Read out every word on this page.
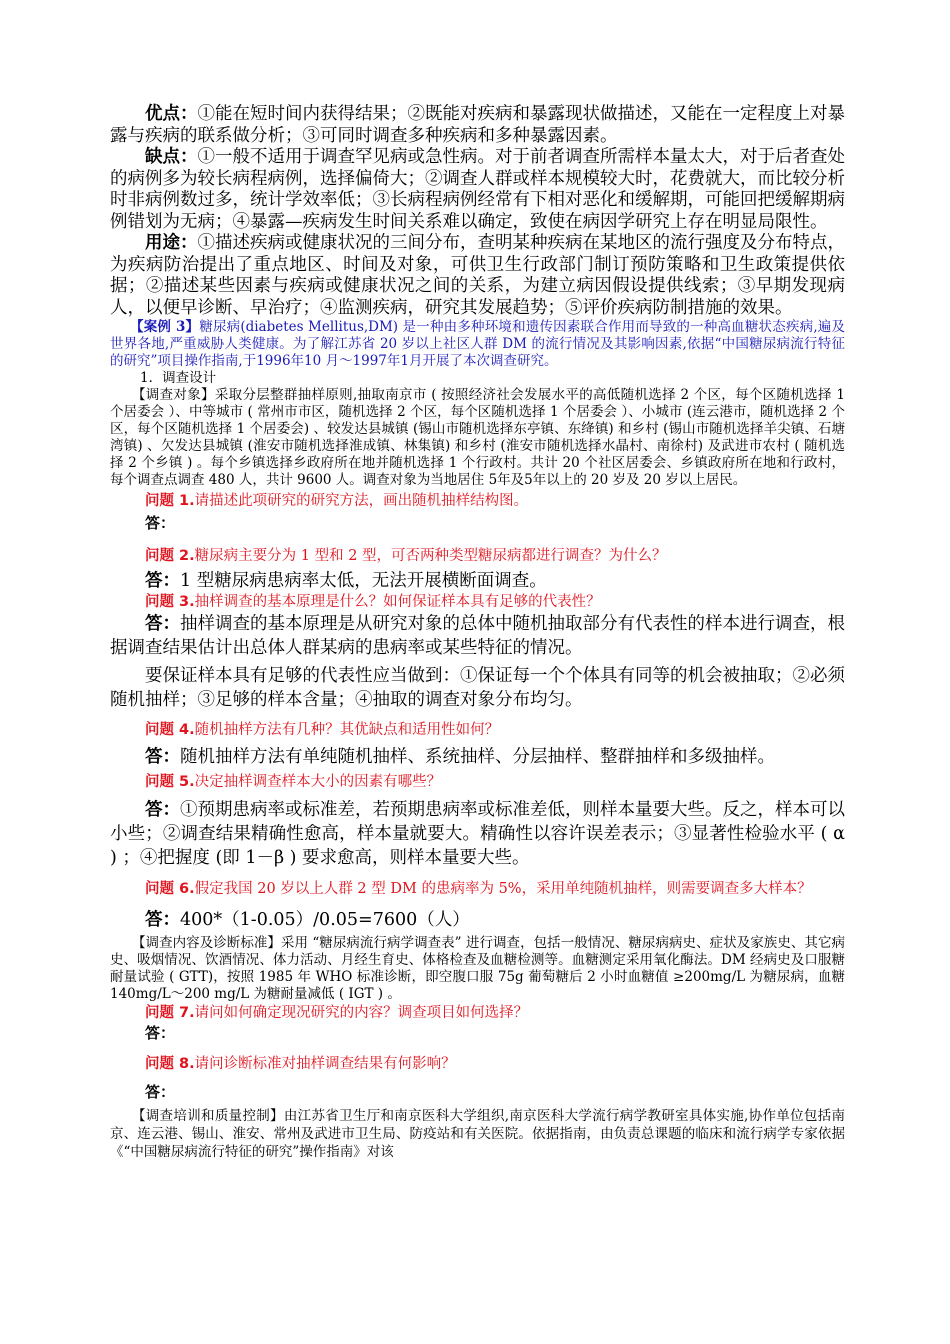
优点：①能在短时间内获得结果；②既能对疾病和暴露现状做描述，又能在一定程度上对暴露与疾病的联系做分析；③可同时调查多种疾病和多种暴露因素。

缺点：①一般不适用于调查罕见病或急性病。对于前者调查所需样本量太大，对于后者查处的病例多为较长病程病例，选择偏倚大；②调查人群或样本规模较大时，花费就大，而比较分析时非病例数过多，统计学效率低；③长病程病例经常有下相对恶化和缓解期，可能回把缓解期病例错划为无病；④暴露—疾病发生时间关系难以确定，致使在病因学研究上存在明显局限性。

用途：①描述疾病或健康状况的三间分布，查明某种疾病在某地区的流行强度及分布特点，为疾病防治提出了重点地区、时间及对象，可供卫生行政部门制订预防策略和卫生政策提供依据；②描述某些因素与疾病或健康状况之间的关系，为建立病因假设提供线索；③早期发现病人，以便早诊断、早治疗；④监测疾病，研究其发展趋势；⑤评价疾病防制措施的效果。

【案例 3】糖尿病(diabetes Mellitus,DM) 是一种由多种环境和遗传因素联合作用而导致的一种高血糖状态疾病,遍及世界各地,严重威胁人类健康。为了解江苏省 20 岁以上社区人群 DM 的流行情况及其影响因素,依据“中国糖尿病流行特征的研究”项目操作指南,于1996年10 月～1997年1月开展了本次调查研究。

1．调查设计

【调查对象】采取分层整群抽样原则,抽取南京市 ( 按照经济社会发展水平的高低随机选择 2 个区，每个区随机选择 1 个居委会 ）、中等城市 ( 常州市市区，随机选择 2 个区，每个区随机选择 1 个居委会 ）、小城市 (连云港市，随机选择 2 个区，每个区随机选择 1 个居委会) 、较发达县城镇 (锡山市随机选择东亭镇、东绛镇) 和乡村 (锡山市随机选择羊尖镇、石塘湾镇) 、欠发达县城镇 (淮安市随机选择淮成镇、林集镇) 和乡村 (淮安市随机选择水晶村、南徐村) 及武进市农村 ( 随机选择 2 个乡镇 ) 。每个乡镇选择乡政府所在地并随机选择 1 个行政村。共计 20 个社区居委会、乡镇政府所在地和行政村，每个调查点调查 480 人，共计 9600 人。调查对象为当地居住 5年及5年以上的 20 岁及 20 岁以上居民。

问题 1.请描述此项研究的研究方法，画出随机抽样结构图。

答：

问题 2.糖尿病主要分为 1 型和 2 型，可否两种类型糖尿病都进行调查？为什么？

答：1 型糖尿病患病率太低，无法开展横断面调查。

问题 3.抽样调查的基本原理是什么？如何保证样本具有足够的代表性？

答：抽样调查的基本原理是从研究对象的总体中随机抽取部分有代表性的样本进行调查，根据调查结果估计出总体人群某病的患病率或某些特征的情况。

要保证样本具有足够的代表性应当做到：①保证每一个个体具有同等的机会被抽取；②必须随机抽样；③足够的样本含量；④抽取的调查对象分布均匀。

问题 4.随机抽样方法有几种？其优缺点和适用性如何？

答：随机抽样方法有单纯随机抽样、系统抽样、分层抽样、整群抽样和多级抽样。

问题 5.决定抽样调查样本大小的因素有哪些？

答：①预期患病率或标准差，若预期患病率或标准差低，则样本量要大些。反之，样本可以小些；②调查结果精确性愈高，样本量就要大。精确性以容许误差表示；③显著性检验水平 ( α ) ；④把握度 (即 1－β ) 要求愈高，则样本量要大些。

问题 6.假定我国 20 岁以上人群 2 型 DM 的患病率为 5%，采用单纯随机抽样，则需要调查多大样本？

答：400*（1-0.05）/0.05=7600（人）

【调查内容及诊断标准】采用 “糖尿病流行病学调查表” 进行调查，包括一般情况、糖尿病病史、症状及家族史、其它病史、吸烟情况、饮酒情况、体力活动、月经生育史、体格检查及血糖检测等。血糖测定采用氧化酶法。DM 经病史及口服糖耐量试验 ( GTT)，按照 1985 年 WHO 标准诊断，即空腹口服 75g 葡萄糖后 2 小时血糖值 ≥200mg/L 为糖尿病，血糖 140mg/L～200 mg/L 为糖耐量减低 ( IGT ) 。

问题 7.请问如何确定现况研究的内容？调查项目如何选择？

答：

问题 8.请问诊断标准对抽样调查结果有何影响？

答：

【调查培训和质量控制】由江苏省卫生厅和南京医科大学组织,南京医科大学流行病学教研室具体实施,协作单位包括南京、连云港、锡山、淮安、常州及武进市卫生局、防疫站和有关医院。依据指南，由负责总课题的临床和流行病学专家依据《“中国糖尿病流行特征的研究”操作指南》对该
